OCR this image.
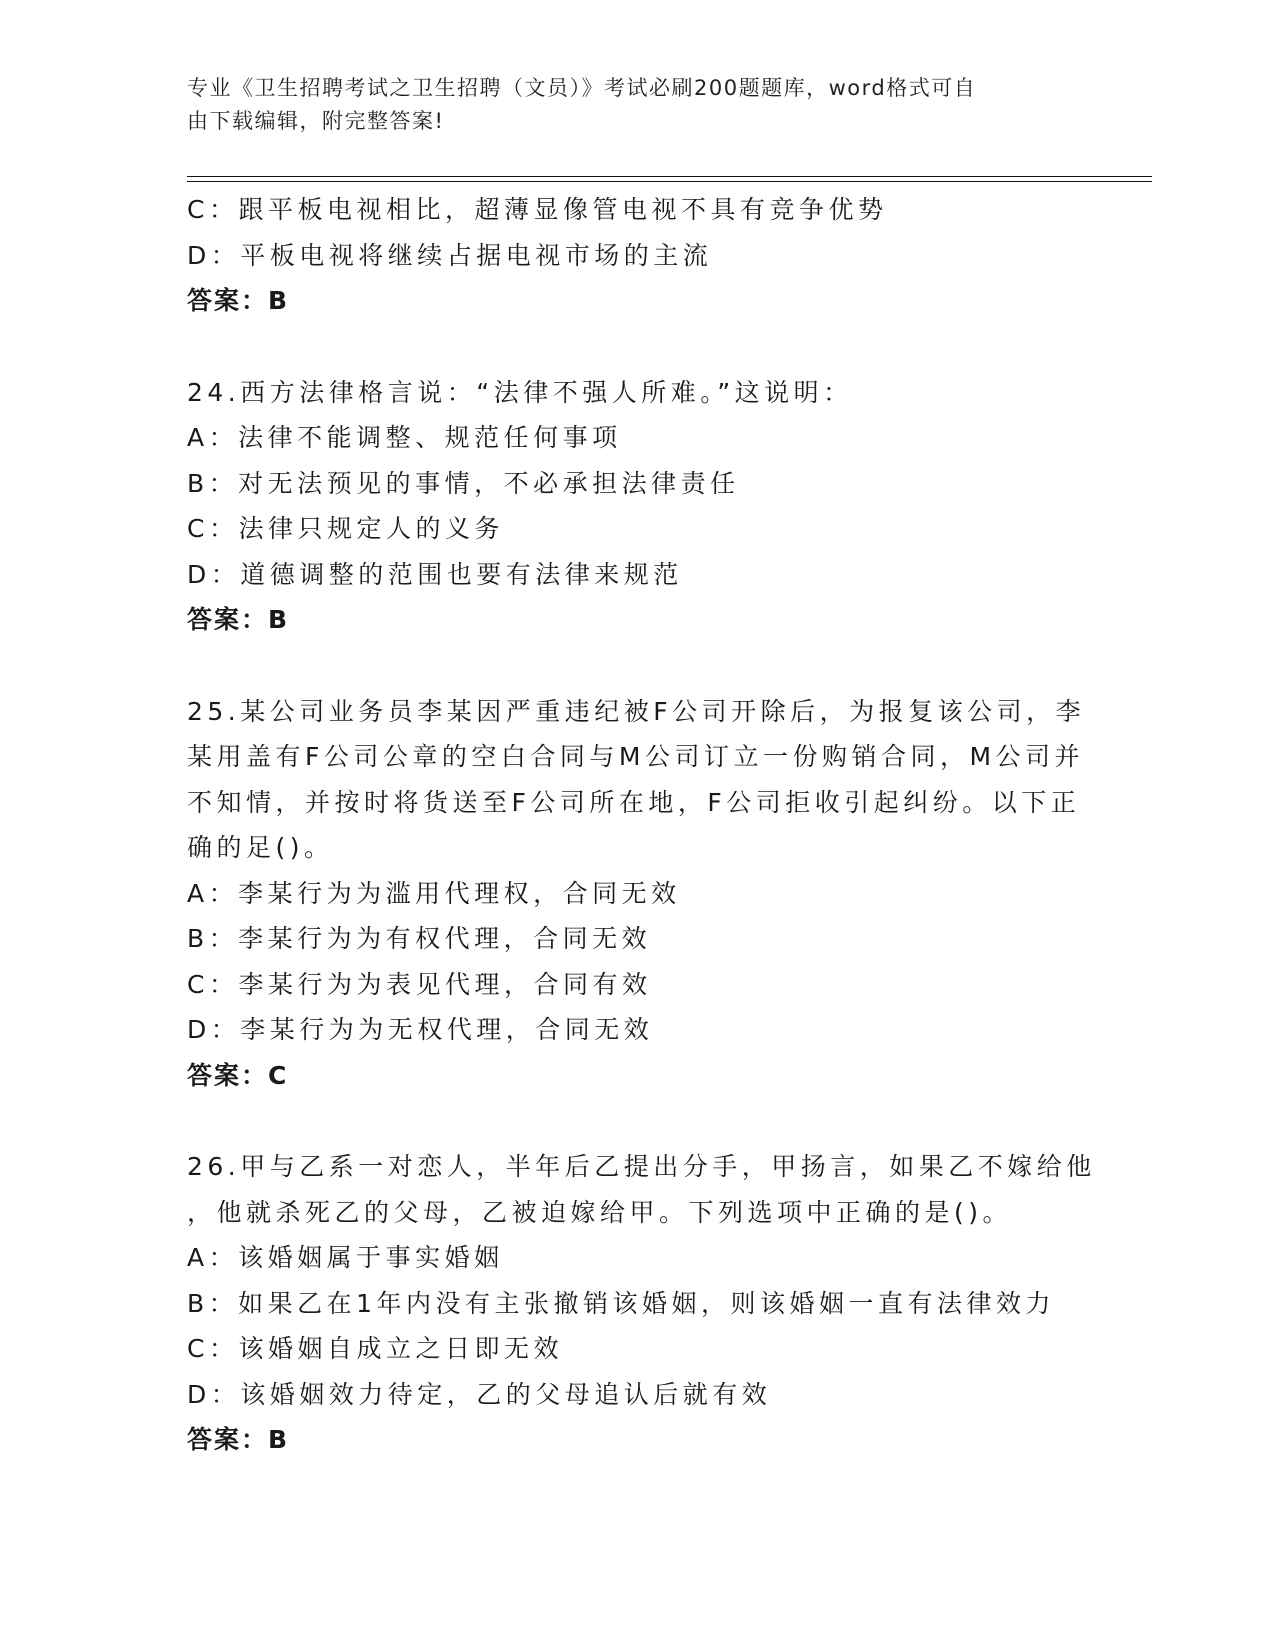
专业《卫生招聘考试之卫生招聘（文员）》考试必刷200题题库，word格式可自
由下载编辑，附完整答案!
C：跟平板电视相比，超薄显像管电视不具有竞争优势
D：平板电视将继续占据电视市场的主流
答案：B
24.西方法律格言说：“法律不强人所难。”这说明：
A：法律不能调整、规范任何事项
B：对无法预见的事情，不必承担法律责任
C：法律只规定人的义务
D：道德调整的范围也要有法律来规范
答案：B
25.某公司业务员李某因严重违纪被F公司开除后，为报复该公司，李
某用盖有F公司公章的空白合同与M公司订立一份购销合同，M公司并
不知情，并按时将货送至F公司所在地，F公司拒收引起纠纷。以下正
确的足()。
A：李某行为为滥用代理权，合同无效
B：李某行为为有权代理，合同无效
C：李某行为为表见代理，合同有效
D：李某行为为无权代理，合同无效
答案：C
26.甲与乙系一对恋人，半年后乙提出分手，甲扬言，如果乙不嫁给他
，他就杀死乙的父母，乙被迫嫁给甲。下列选项中正确的是()。
A：该婚姻属于事实婚姻
B：如果乙在1年内没有主张撤销该婚姻，则该婚姻一直有法律效力
C：该婚姻自成立之日即无效
D：该婚姻效力待定，乙的父母追认后就有效
答案：B
